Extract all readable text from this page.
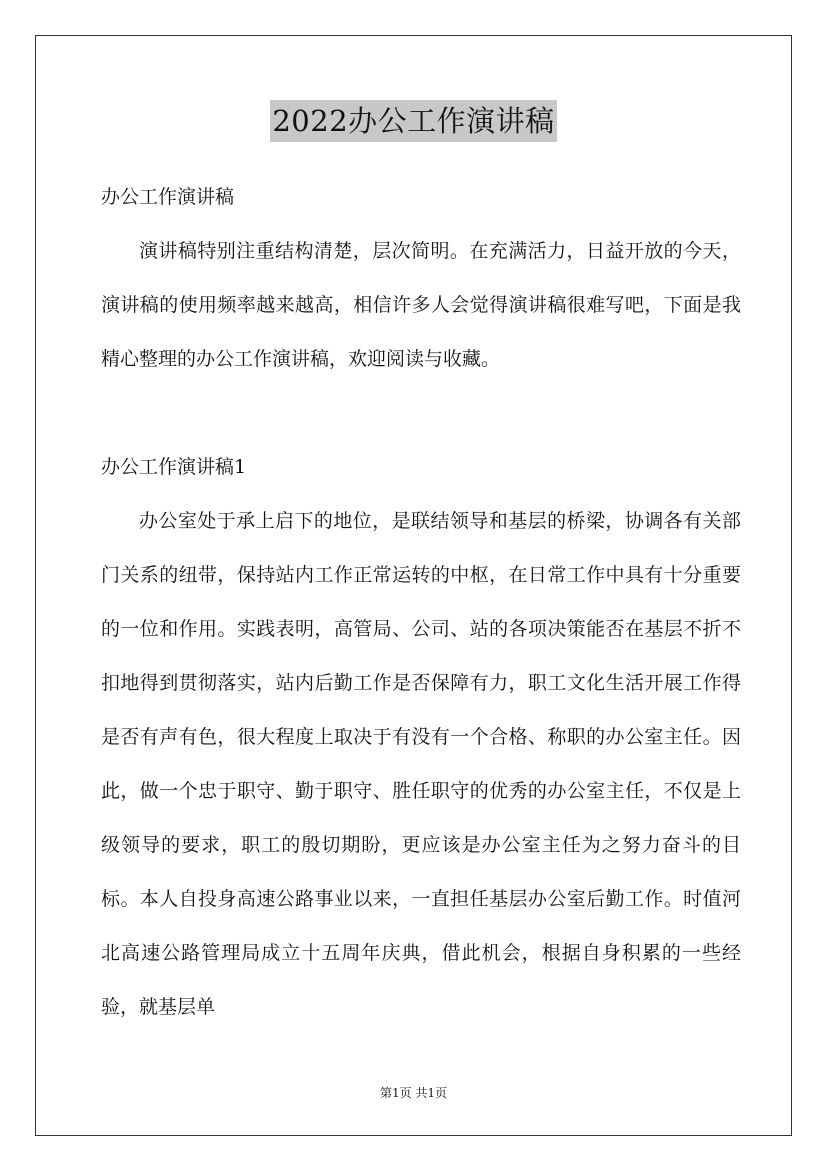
2022办公工作演讲稿

办公工作演讲稿

演讲稿特别注重结构清楚，层次简明。在充满活力，日益开放的今天，演讲稿的使用频率越来越高，相信许多人会觉得演讲稿很难写吧，下面是我精心整理的办公工作演讲稿，欢迎阅读与收藏。

办公工作演讲稿1

办公室处于承上启下的地位，是联结领导和基层的桥梁，协调各有关部门关系的纽带，保持站内工作正常运转的中枢，在日常工作中具有十分重要的一位和作用。实践表明，高管局、公司、站的各项决策能否在基层不折不扣地得到贯彻落实，站内后勤工作是否保障有力，职工文化生活开展工作得是否有声有色，很大程度上取决于有没有一个合格、称职的办公室主任。因此，做一个忠于职守、勤于职守、胜任职守的优秀的办公室主任，不仅是上级领导的要求，职工的殷切期盼，更应该是办公室主任为之努力奋斗的目标。本人自投身高速公路事业以来，一直担任基层办公室后勤工作。时值河北高速公路管理局成立十五周年庆典，借此机会，根据自身积累的一些经验，就基层单

第1页 共1页
